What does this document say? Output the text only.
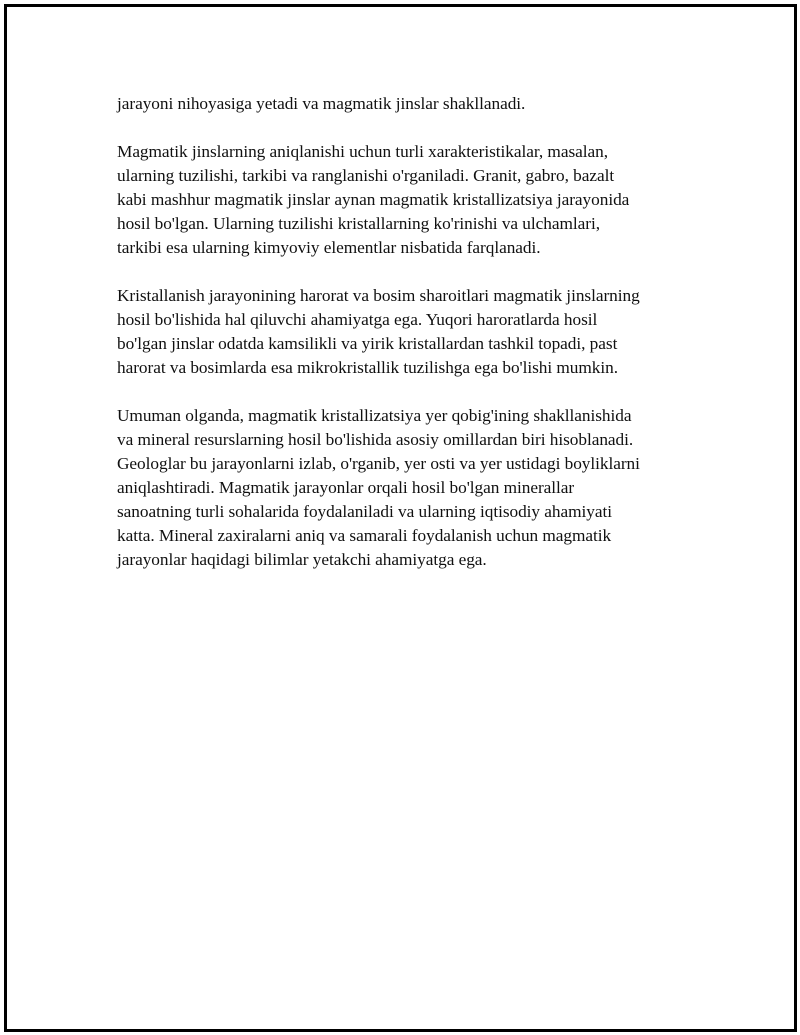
jarayoni nihoyasiga yetadi va magmatik jinslar shakllanadi.

Magmatik jinslarning aniqlanishi uchun turli xarakteristikalar, masalan,
ularning tuzilishi, tarkibi va ranglanishi o'rganiladi. Granit, gabro, bazalt
kabi mashhur magmatik jinslar aynan magmatik kristallizatsiya jarayonida
hosil bo'lgan. Ularning tuzilishi kristallarning ko'rinishi va ulchamlari,
tarkibi esa ularning kimyoviy elementlar nisbatida farqlanadi.

Kristallanish jarayonining harorat va bosim sharoitlari magmatik jinslarning
hosil bo'lishida hal qiluvchi ahamiyatga ega. Yuqori haroratlarda hosil
bo'lgan jinslar odatda kamsilikli va yirik kristallardan tashkil topadi, past
harorat va bosimlarda esa mikrokristallik tuzilishga ega bo'lishi mumkin.

Umuman olganda, magmatik kristallizatsiya yer qobig'ining shakllanishida
va mineral resurslarning hosil bo'lishida asosiy omillardan biri hisoblanadi.
Geologlar bu jarayonlarni izlab, o'rganib, yer osti va yer ustidagi boyliklarni
aniqlashtiradi. Magmatik jarayonlar orqali hosil bo'lgan minerallar
sanoatning turli sohalarida foydalaniladi va ularning iqtisodiy ahamiyati
katta. Mineral zaxiralarni aniq va samarali foydalanish uchun magmatik
jarayonlar haqidagi bilimlar yetakchi ahamiyatga ega.
